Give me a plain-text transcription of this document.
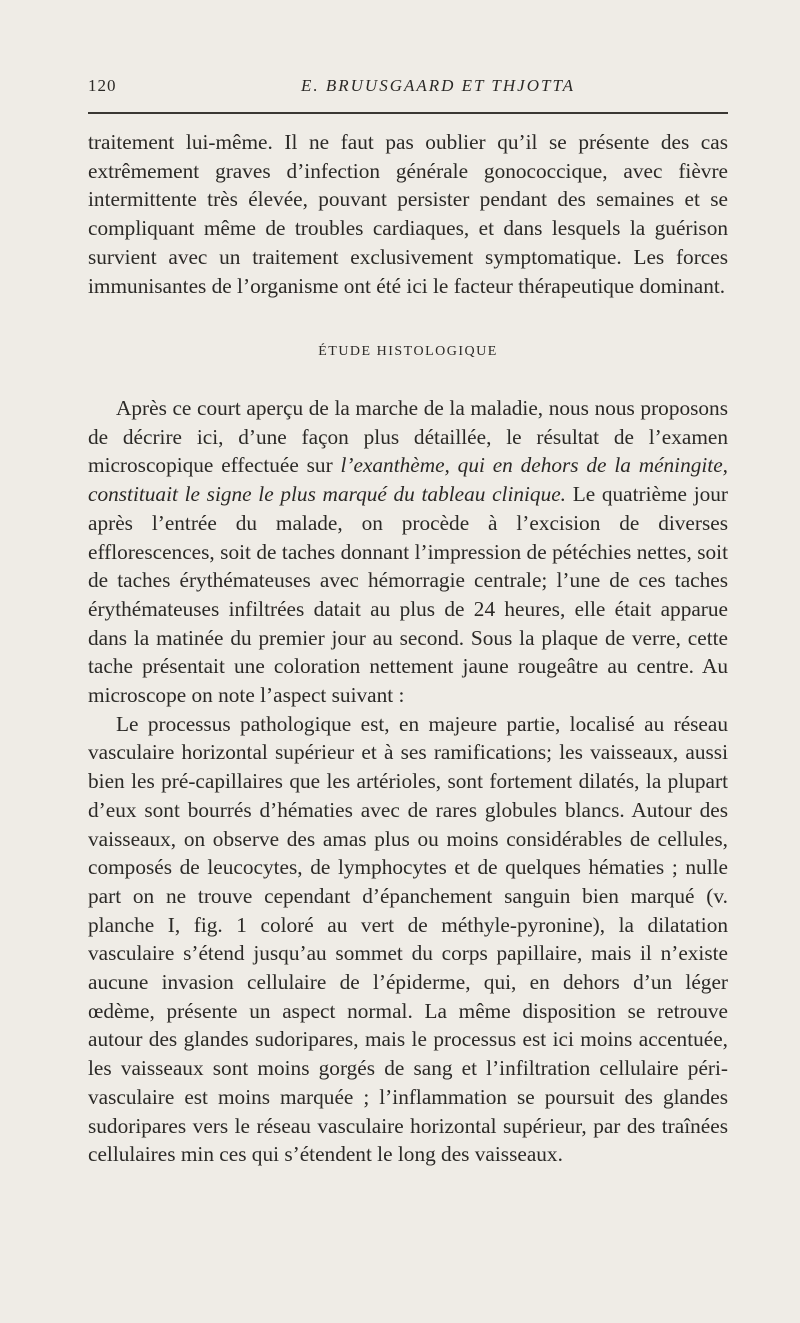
120	E. BRUUSGAARD ET THJOTTA

traitement lui-même. Il ne faut pas oublier qu’il se présente des cas extrêmement graves d’infection générale gonococcique, avec fièvre intermittente très élevée, pouvant persister pendant des semaines et se compliquant même de troubles cardiaques, et dans lesquels la guérison survient avec un traitement exclusivement symptomatique. Les forces immunisantes de l’organisme ont été ici le facteur thérapeutique dominant.

ÉTUDE HISTOLOGIQUE

Après ce court aperçu de la marche de la maladie, nous nous proposons de décrire ici, d’une façon plus détaillée, le résultat de l’examen microscopique effectuée sur l’exanthème, qui en dehors de la méningite, constituait le signe le plus marqué du tableau clinique. Le quatrième jour après l’entrée du malade, on procède à l’excision de diverses efflorescences, soit de taches donnant l’impression de pétéchies nettes, soit de taches érythémateuses avec hémorragie centrale; l’une de ces taches érythémateuses infiltrées datait au plus de 24 heures, elle était apparue dans la matinée du premier jour au second. Sous la plaque de verre, cette tache présentait une coloration nettement jaune rougeâtre au centre. Au microscope on note l’aspect suivant :

Le processus pathologique est, en majeure partie, localisé au réseau vasculaire horizontal supérieur et à ses ramifications; les vaisseaux, aussi bien les pré-capillaires que les artérioles, sont fortement dilatés, la plupart d’eux sont bourrés d’hématies avec de rares globules blancs. Autour des vaisseaux, on observe des amas plus ou moins considérables de cellules, composés de leucocytes, de lymphocytes et de quelques hématies ; nulle part on ne trouve cependant d’épanchement sanguin bien marqué (v. planche I, fig. 1 coloré au vert de méthyle-pyronine), la dilatation vasculaire s’étend jusqu’au sommet du corps papillaire, mais il n’existe aucune invasion cellulaire de l’épiderme, qui, en dehors d’un léger œdème, présente un aspect normal. La même disposition se retrouve autour des glandes sudoripares, mais le processus est ici moins accentuée, les vaisseaux sont moins gorgés de sang et l’infiltration cellulaire péri-vasculaire est moins marquée ; l’inflammation se poursuit des glandes sudoripares vers le réseau vasculaire horizontal supérieur, par des traînées cellulaires min ces qui s’étendent le long des vaisseaux.
